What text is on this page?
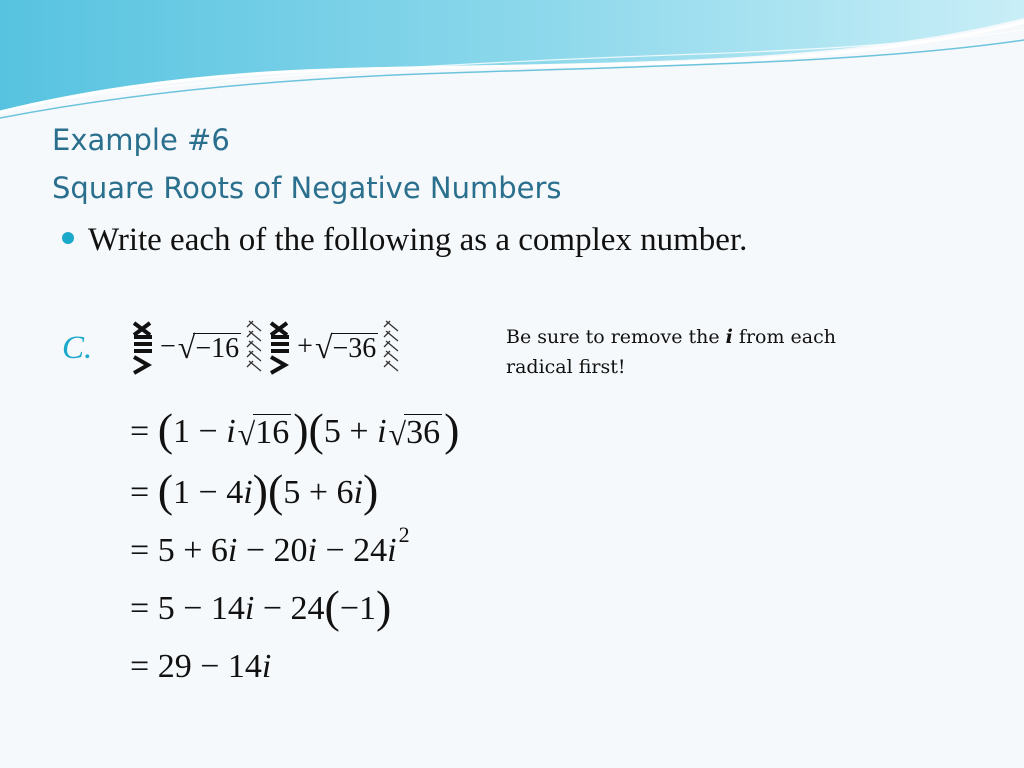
Example #6
Square Roots of Negative Numbers
Write each of the following as a complex number.
C. − √ −16 + √ −36	Be sure to remove the i from each radical first!
=
( 1 − i √ 16 ) ( 5 + i √ 36 )
=
( 1 − 4 i ) ( 5 + 6 i )
=
5 + 6 i − 20 i − 24 i 2
=
5 − 14 i − 24 ( −1 )
=
29 − 14 i
